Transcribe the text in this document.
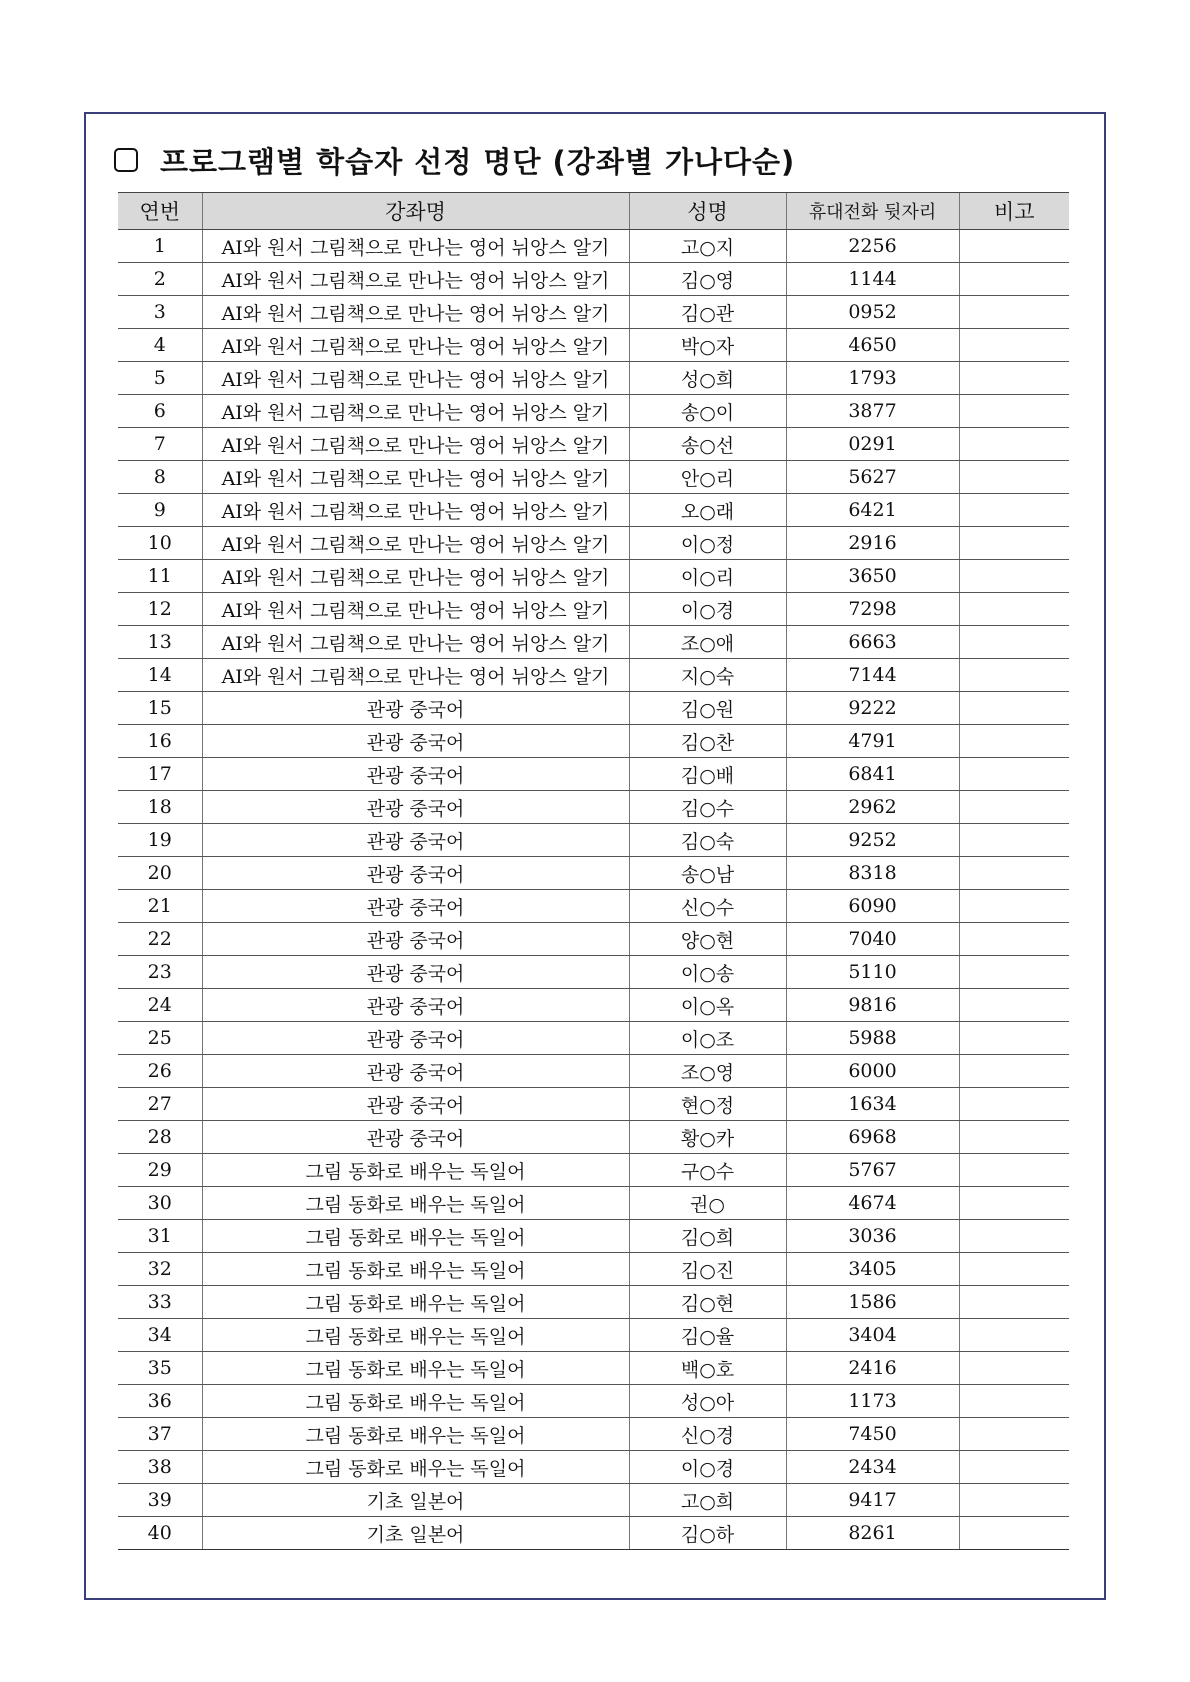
프로그램별 학습자 선정 명단 (강좌별 가나다순)
연번	강좌명	성명	휴대전화 뒷자리	비고
1	AI와 원서 그림책으로 만나는 영어 뉘앙스 알기	고○지	2256	
2	AI와 원서 그림책으로 만나는 영어 뉘앙스 알기	김○영	1144	
3	AI와 원서 그림책으로 만나는 영어 뉘앙스 알기	김○관	0952	
4	AI와 원서 그림책으로 만나는 영어 뉘앙스 알기	박○자	4650	
5	AI와 원서 그림책으로 만나는 영어 뉘앙스 알기	성○희	1793	
6	AI와 원서 그림책으로 만나는 영어 뉘앙스 알기	송○이	3877	
7	AI와 원서 그림책으로 만나는 영어 뉘앙스 알기	송○선	0291	
8	AI와 원서 그림책으로 만나는 영어 뉘앙스 알기	안○리	5627	
9	AI와 원서 그림책으로 만나는 영어 뉘앙스 알기	오○래	6421	
10	AI와 원서 그림책으로 만나는 영어 뉘앙스 알기	이○정	2916	
11	AI와 원서 그림책으로 만나는 영어 뉘앙스 알기	이○리	3650	
12	AI와 원서 그림책으로 만나는 영어 뉘앙스 알기	이○경	7298	
13	AI와 원서 그림책으로 만나는 영어 뉘앙스 알기	조○애	6663	
14	AI와 원서 그림책으로 만나는 영어 뉘앙스 알기	지○숙	7144	
15	관광 중국어	김○원	9222	
16	관광 중국어	김○찬	4791	
17	관광 중국어	김○배	6841	
18	관광 중국어	김○수	2962	
19	관광 중국어	김○숙	9252	
20	관광 중국어	송○남	8318	
21	관광 중국어	신○수	6090	
22	관광 중국어	양○현	7040	
23	관광 중국어	이○송	5110	
24	관광 중국어	이○옥	9816	
25	관광 중국어	이○조	5988	
26	관광 중국어	조○영	6000	
27	관광 중국어	현○정	1634	
28	관광 중국어	황○카	6968	
29	그림 동화로 배우는 독일어	구○수	5767	
30	그림 동화로 배우는 독일어	권○	4674	
31	그림 동화로 배우는 독일어	김○희	3036	
32	그림 동화로 배우는 독일어	김○진	3405	
33	그림 동화로 배우는 독일어	김○현	1586	
34	그림 동화로 배우는 독일어	김○율	3404	
35	그림 동화로 배우는 독일어	백○호	2416	
36	그림 동화로 배우는 독일어	성○아	1173	
37	그림 동화로 배우는 독일어	신○경	7450	
38	그림 동화로 배우는 독일어	이○경	2434	
39	기초 일본어	고○희	9417	
40	기초 일본어	김○하	8261	
